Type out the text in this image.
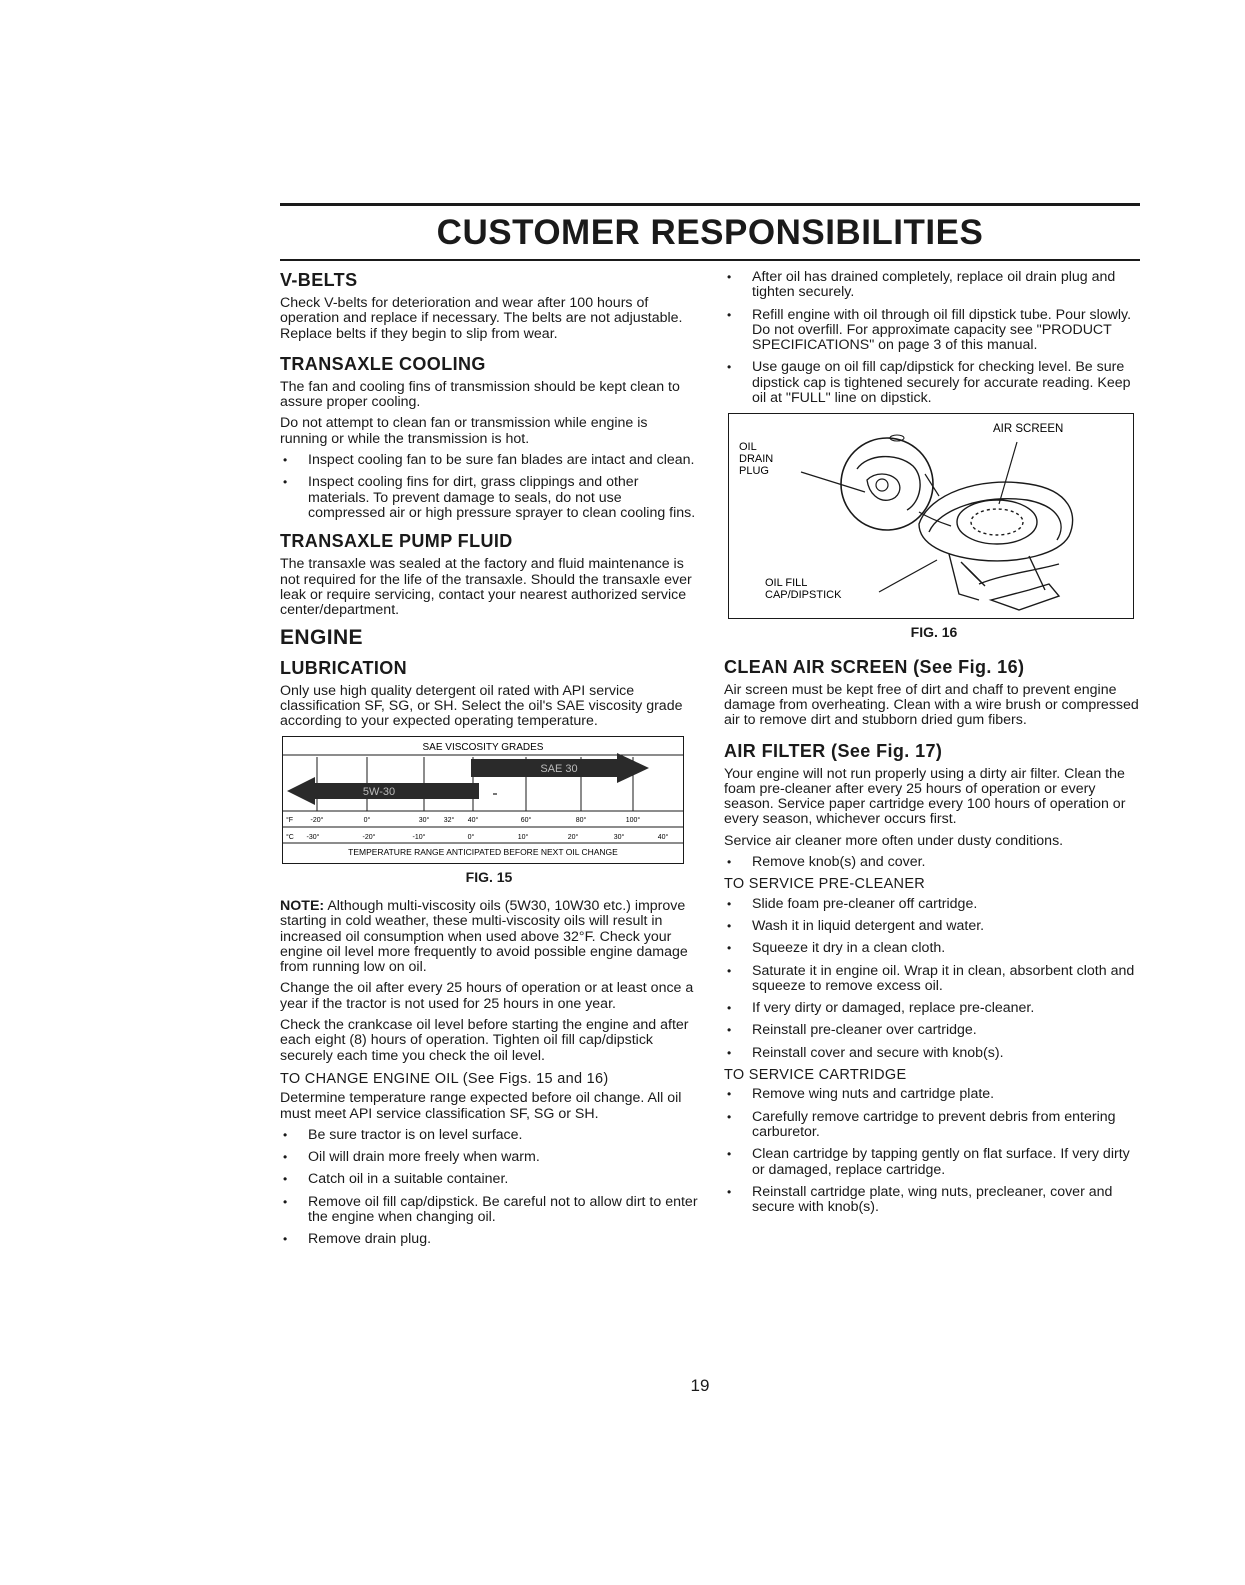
CUSTOMER RESPONSIBILITIES
V-BELTS

Check V-belts for deterioration and wear after 100 hours of operation and replace if necessary. The belts are not adjustable. Replace belts if they begin to slip from wear.

TRANSAXLE COOLING

The fan and cooling fins of transmission should be kept clean to assure proper cooling.

Do not attempt to clean fan or transmission while engine is running or while the transmission is hot.

• Inspect cooling fan to be sure fan blades are intact and clean.
• Inspect cooling fins for dirt, grass clippings and other materials. To prevent damage to seals, do not use compressed air or high pressure sprayer to clean cooling fins.
TRANSAXLE PUMP FLUID

The transaxle was sealed at the factory and fluid maintenance is not required for the life of the transaxle. Should the transaxle ever leak or require servicing, contact your nearest authorized service center/department.

ENGINE
LUBRICATION

Only use high quality detergent oil rated with API service classification SF, SG, or SH. Select the oil's SAE viscosity grade according to your expected operating temperature.

SAE VISCOSITY GRADES
SAE 30
5W-30
°F -20°	0°	30° 32° 40°	60°	80°	100°
°C -30°	-20°	-10°	0°	10°	20°	30°	40°
TEMPERATURE RANGE ANTICIPATED BEFORE NEXT OIL CHANGE
FIG. 15

NOTE: Although multi-viscosity oils (5W30, 10W30 etc.) improve starting in cold weather, these multi-viscosity oils will result in increased oil consumption when used above 32°F. Check your engine oil level more frequently to avoid possible engine damage from running low on oil.

Change the oil after every 25 hours of operation or at least once a year if the tractor is not used for 25 hours in one year.

Check the crankcase oil level before starting the engine and after each eight (8) hours of operation. Tighten oil fill cap/dipstick securely each time you check the oil level.

TO CHANGE ENGINE OIL (See Figs. 15 and 16)

Determine temperature range expected before oil change. All oil must meet API service classification SF, SG or SH.

• Be sure tractor is on level surface.
• Oil will drain more freely when warm.
• Catch oil in a suitable container.
• Remove oil fill cap/dipstick. Be careful not to allow dirt to enter the engine when changing oil.
• Remove drain plug.
• After oil has drained completely, replace oil drain plug and tighten securely.
• Refill engine with oil through oil fill dipstick tube. Pour slowly. Do not overfill. For approximate capacity see "PRODUCT SPECIFICATIONS" on page 3 of this manual.
• Use gauge on oil fill cap/dipstick for checking level. Be sure dipstick cap is tightened securely for accurate reading. Keep oil at "FULL" line on dipstick.
AIR SCREEN
OIL
DRAIN
PLUG
OIL FILL
CAP/DIPSTICK
FIG. 16
CLEAN AIR SCREEN (See Fig. 16)

Air screen must be kept free of dirt and chaff to prevent engine damage from overheating. Clean with a wire brush or compressed air to remove dirt and stubborn dried gum fibers.

AIR FILTER (See Fig. 17)

Your engine will not run properly using a dirty air filter. Clean the foam pre-cleaner after every 25 hours of operation or every season. Service paper cartridge every 100 hours of operation or every season, whichever occurs first.

Service air cleaner more often under dusty conditions.

• Remove knob(s) and cover.
TO SERVICE PRE-CLEANER
• Slide foam pre-cleaner off cartridge.
• Wash it in liquid detergent and water.
• Squeeze it dry in a clean cloth.
• Saturate it in engine oil. Wrap it in clean, absorbent cloth and squeeze to remove excess oil.
• If very dirty or damaged, replace pre-cleaner.
• Reinstall pre-cleaner over cartridge.
• Reinstall cover and secure with knob(s).
TO SERVICE CARTRIDGE
• Remove wing nuts and cartridge plate.
• Carefully remove cartridge to prevent debris from entering carburetor.
• Clean cartridge by tapping gently on flat surface. If very dirty or damaged, replace cartridge.
• Reinstall cartridge plate, wing nuts, precleaner, cover and secure with knob(s).
19
